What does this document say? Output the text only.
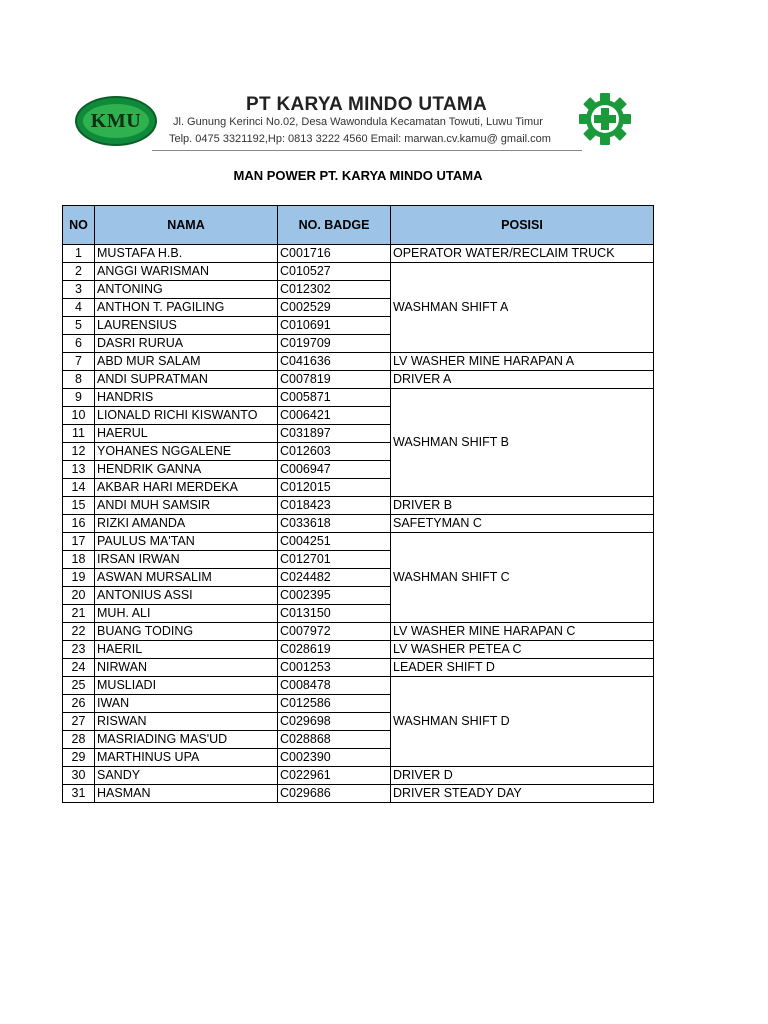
KMU
PT KARYA MINDO UTAMA
Jl. Gunung Kerinci No.02, Desa Wawondula Kecamatan Towuti, Luwu Timur
Telp. 0475 3321192,Hp: 0813 3222 4560 Email: marwan.cv.kamu@ gmail.com
MAN POWER PT. KARYA MINDO UTAMA
NO	NAMA	NO. BADGE	POSISI
1	MUSTAFA H.B.	C001716	OPERATOR WATER/RECLAIM TRUCK
2	ANGGI WARISMAN	C010527	WASHMAN SHIFT A
3	ANTONING	C012302	
4	ANTHON T. PAGILING	C002529	
5	LAURENSIUS	C010691	
6	DASRI RURUA	C019709	
7	ABD MUR SALAM	C041636	LV WASHER MINE HARAPAN A
8	ANDI SUPRATMAN	C007819	DRIVER A
9	HANDRIS	C005871	WASHMAN SHIFT B
10	LIONALD RICHI KISWANTO	C006421	
11	HAERUL	C031897	
12	YOHANES NGGALENE	C012603	
13	HENDRIK GANNA	C006947	
14	AKBAR HARI MERDEKA	C012015	
15	ANDI MUH SAMSIR	C018423	DRIVER B
16	RIZKI AMANDA	C033618	SAFETYMAN C
17	PAULUS MA'TAN	C004251	WASHMAN SHIFT C
18	IRSAN IRWAN	C012701	
19	ASWAN MURSALIM	C024482	
20	ANTONIUS ASSI	C002395	
21	MUH. ALI	C013150	
22	BUANG TODING	C007972	LV WASHER MINE HARAPAN C
23	HAERIL	C028619	LV WASHER PETEA C
24	NIRWAN	C001253	LEADER SHIFT D
25	MUSLIADI	C008478	WASHMAN SHIFT D
26	IWAN	C012586	
27	RISWAN	C029698	
28	MASRIADING MAS'UD	C028868	
29	MARTHINUS UPA	C002390	
30	SANDY	C022961	DRIVER D
31	HASMAN	C029686	DRIVER STEADY DAY
